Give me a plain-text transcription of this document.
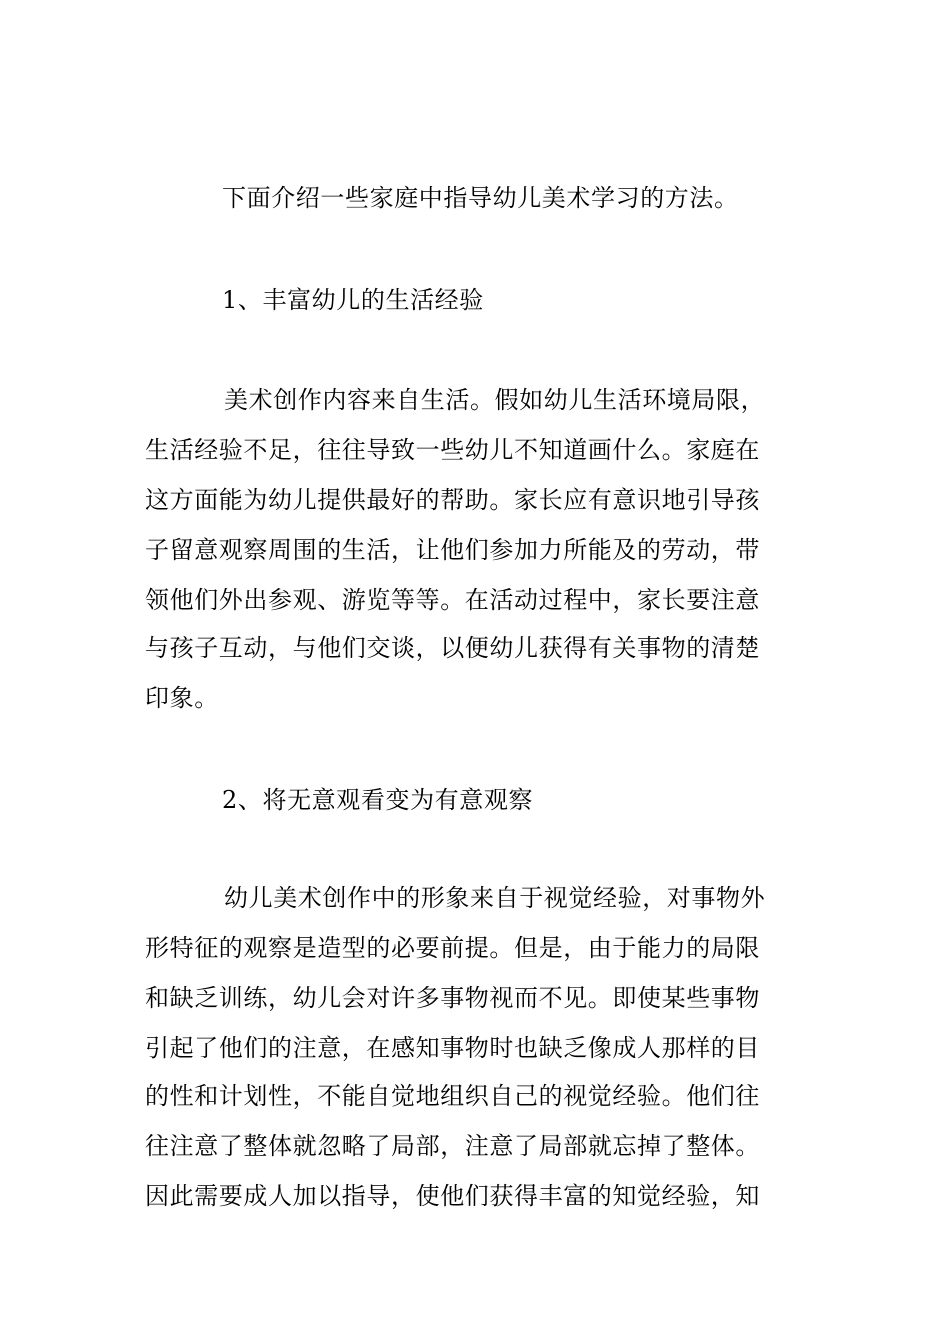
下面介绍一些家庭中指导幼儿美术学习的方法。
1、丰富幼儿的生活经验
美术创作内容来自生活。假如幼儿生活环境局限，
生活经验不足，往往导致一些幼儿不知道画什么。家庭在
这方面能为幼儿提供最好的帮助。家长应有意识地引导孩
子留意观察周围的生活，让他们参加力所能及的劳动，带
领他们外出参观、游览等等。在活动过程中，家长要注意
与孩子互动，与他们交谈，以便幼儿获得有关事物的清楚
印象。
2、将无意观看变为有意观察
幼儿美术创作中的形象来自于视觉经验，对事物外
形特征的观察是造型的必要前提。但是，由于能力的局限
和缺乏训练，幼儿会对许多事物视而不见。即使某些事物
引起了他们的注意，在感知事物时也缺乏像成人那样的目
的性和计划性，不能自觉地组织自己的视觉经验。他们往
往注意了整体就忽略了局部，注意了局部就忘掉了整体。
因此需要成人加以指导，使他们获得丰富的知觉经验，知
